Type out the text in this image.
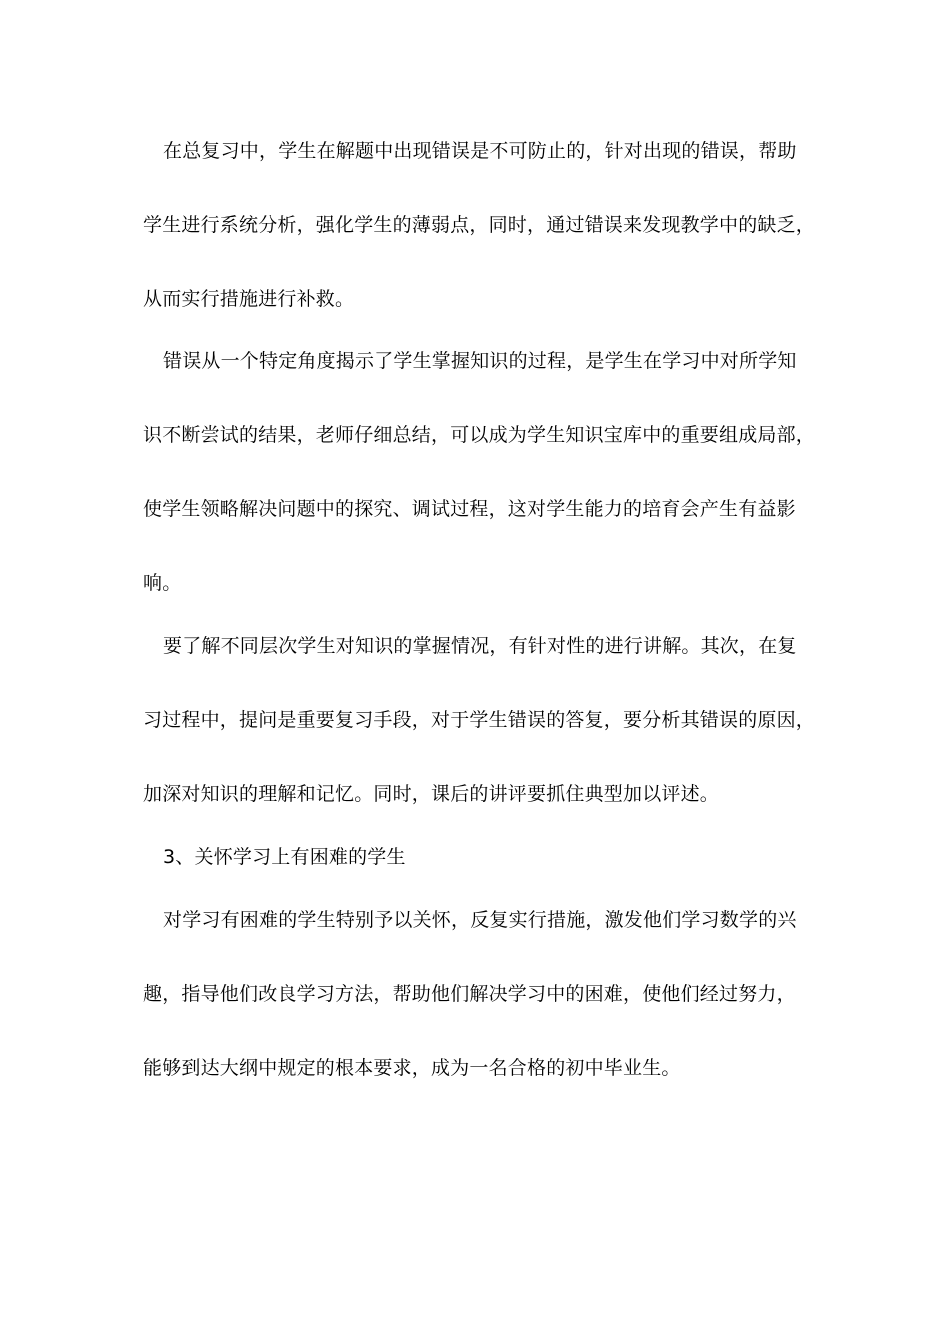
在总复习中，学生在解题中出现错误是不可防止的，针对出现的错误，帮助
学生进行系统分析，强化学生的薄弱点，同时，通过错误来发现教学中的缺乏，
从而实行措施进行补救。
错误从一个特定角度揭示了学生掌握知识的过程，是学生在学习中对所学知
识不断尝试的结果，老师仔细总结，可以成为学生知识宝库中的重要组成局部，
使学生领略解决问题中的探究、调试过程，这对学生能力的培育会产生有益影
响。
要了解不同层次学生对知识的掌握情况，有针对性的进行讲解。其次，在复
习过程中，提问是重要复习手段，对于学生错误的答复，要分析其错误的原因，
加深对知识的理解和记忆。同时，课后的讲评要抓住典型加以评述。
3、关怀学习上有困难的学生
对学习有困难的学生特别予以关怀，反复实行措施，激发他们学习数学的兴
趣，指导他们改良学习方法，帮助他们解决学习中的困难，使他们经过努力，
能够到达大纲中规定的根本要求，成为一名合格的初中毕业生。
